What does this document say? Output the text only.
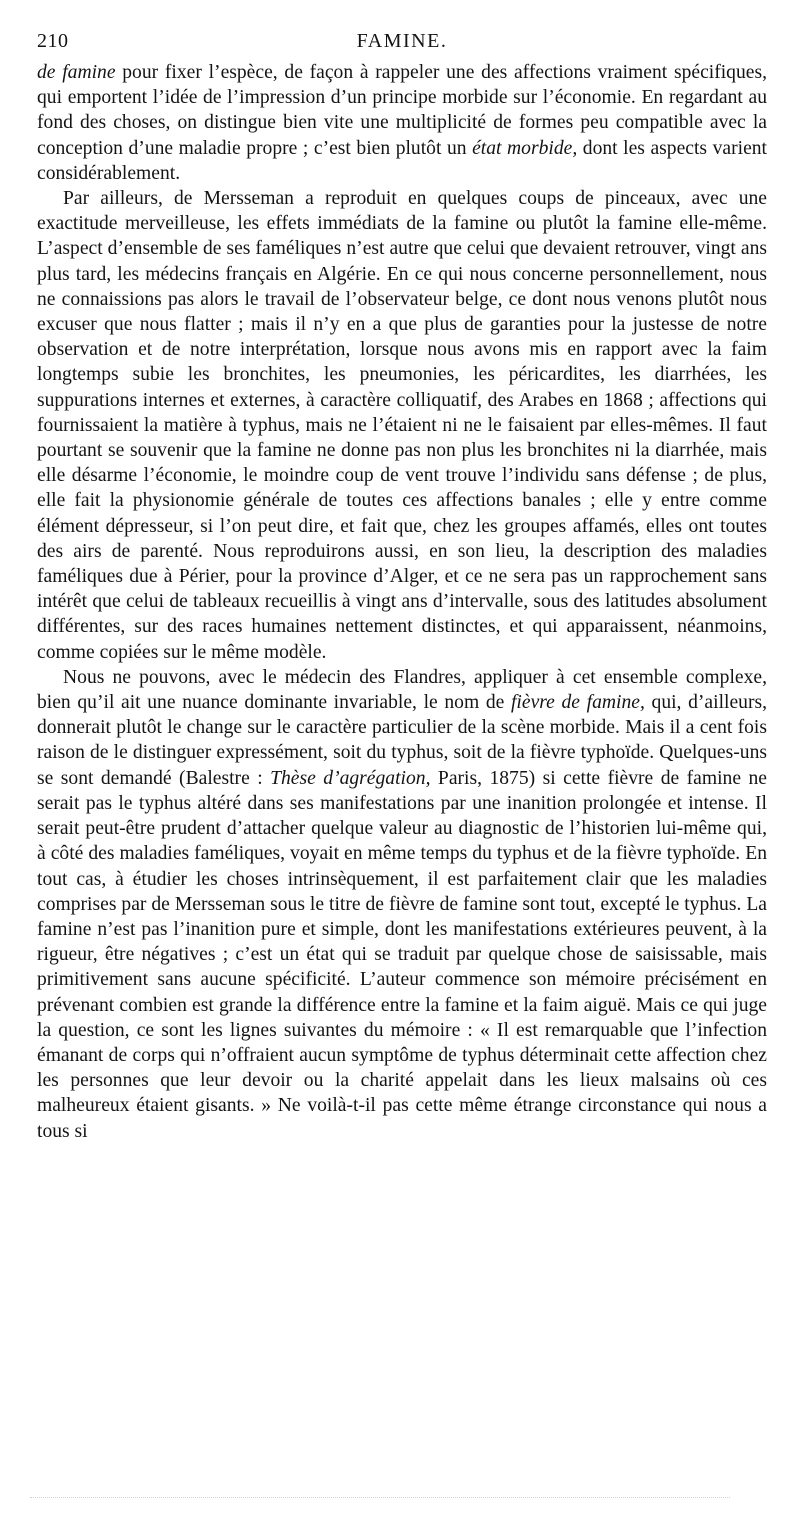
210	FAMINE.

de famine pour fixer l’espèce, de façon à rappeler une des affections vraiment spécifiques, qui emportent l’idée de l’impression d’un principe morbide sur l’économie. En regardant au fond des choses, on distingue bien vite une multiplicité de formes peu compatible avec la conception d’une maladie propre ; c’est bien plutôt un état morbide, dont les aspects varient considérablement.

Par ailleurs, de Mersseman a reproduit en quelques coups de pinceaux, avec une exactitude merveilleuse, les effets immédiats de la famine ou plutôt la famine elle-même. L’aspect d’ensemble de ses faméliques n’est autre que celui que devaient retrouver, vingt ans plus tard, les médecins français en Algérie. En ce qui nous concerne personnellement, nous ne connaissions pas alors le travail de l’observateur belge, ce dont nous venons plutôt nous excuser que nous flatter ; mais il n’y en a que plus de garanties pour la justesse de notre observation et de notre interprétation, lorsque nous avons mis en rapport avec la faim longtemps subie les bronchites, les pneumonies, les péricardites, les diarrhées, les suppurations internes et externes, à caractère colliquatif, des Arabes en 1868 ; affections qui fournissaient la matière à typhus, mais ne l’étaient ni ne le faisaient par elles-mêmes. Il faut pourtant se souvenir que la famine ne donne pas non plus les bronchites ni la diarrhée, mais elle désarme l’économie, le moindre coup de vent trouve l’individu sans défense ; de plus, elle fait la physionomie générale de toutes ces affections banales ; elle y entre comme élément dépresseur, si l’on peut dire, et fait que, chez les groupes affamés, elles ont toutes des airs de parenté. Nous reproduirons aussi, en son lieu, la description des maladies faméliques due à Périer, pour la province d’Alger, et ce ne sera pas un rapprochement sans intérêt que celui de tableaux recueillis à vingt ans d’intervalle, sous des latitudes absolument différentes, sur des races humaines nettement distinctes, et qui apparaissent, néanmoins, comme copiées sur le même modèle.

Nous ne pouvons, avec le médecin des Flandres, appliquer à cet ensemble complexe, bien qu’il ait une nuance dominante invariable, le nom de fièvre de famine, qui, d’ailleurs, donnerait plutôt le change sur le caractère particulier de la scène morbide. Mais il a cent fois raison de le distinguer expressément, soit du typhus, soit de la fièvre typhoïde. Quelques-uns se sont demandé (Balestre : Thèse d’agrégation, Paris, 1875) si cette fièvre de famine ne serait pas le typhus altéré dans ses manifestations par une inanition prolongée et intense. Il serait peut-être prudent d’attacher quelque valeur au diagnostic de l’historien lui-même qui, à côté des maladies faméliques, voyait en même temps du typhus et de la fièvre typhoïde. En tout cas, à étudier les choses intrinsèquement, il est parfaitement clair que les maladies comprises par de Mersseman sous le titre de fièvre de famine sont tout, excepté le typhus. La famine n’est pas l’inanition pure et simple, dont les manifestations extérieures peuvent, à la rigueur, être négatives ; c’est un état qui se traduit par quelque chose de saisissable, mais primitivement sans aucune spécificité. L’auteur commence son mémoire précisément en prévenant combien est grande la différence entre la famine et la faim aiguë. Mais ce qui juge la question, ce sont les lignes suivantes du mémoire : « Il est remarquable que l’infection émanant de corps qui n’offraient aucun symptôme de typhus déterminait cette affection chez les personnes que leur devoir ou la charité appelait dans les lieux malsains où ces malheureux étaient gisants. » Ne voilà-t-il pas cette même étrange circonstance qui nous a tous si
